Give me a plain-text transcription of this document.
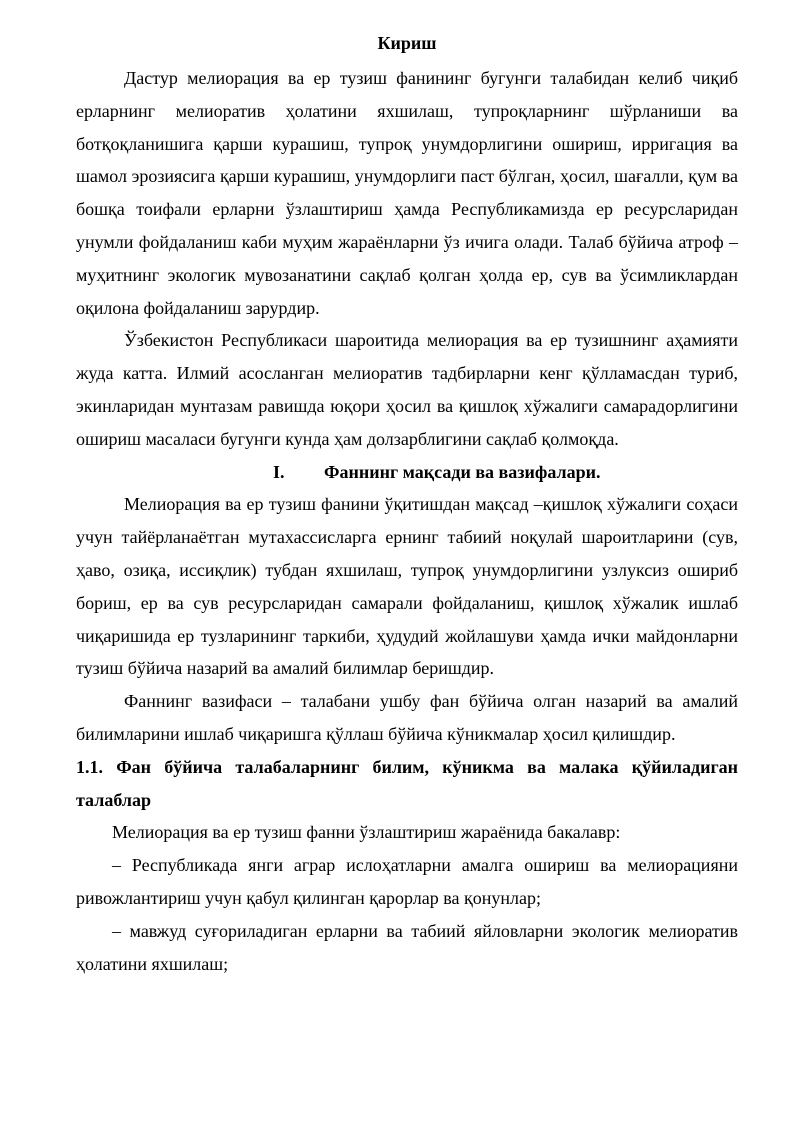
Кириш

Дастур мелиорация ва ер тузиш фанининг бугунги талабидан келиб чиқиб ерларнинг мелиоратив ҳолатини яхшилаш, тупроқларнинг шўрланиши ва ботқоқланишига қарши курашиш, тупроқ унумдорлигини ошириш, ирригация ва шамол эрозиясига қарши курашиш, унумдорлиги паст бўлган, ҳосил, шағалли, қум ва бошқа тоифали ерларни ўзлаштириш ҳамда Республикамизда ер ресурсларидан унумли фойдаланиш каби муҳим жараёнларни ўз ичига олади. Талаб бўйича атроф –муҳитнинг экологик мувозанатини сақлаб қолган ҳолда ер, сув ва ўсимликлардан оқилона фойдаланиш зарурдир.

Ўзбекистон Республикаси шароитида мелиорация ва ер тузишнинг аҳамияти жуда катта. Илмий асосланган мелиоратив тадбирларни кенг қўлламасдан туриб, экинларидан мунтазам равишда юқори ҳосил ва қишлоқ хўжалиги самарадорлигини ошириш масаласи бугунги кунда ҳам долзарблигини сақлаб қолмоқда.

I. Фаннинг мақсади ва вазифалари.

Мелиорация ва ер тузиш фанини ўқитишдан мақсад –қишлоқ хўжалиги соҳаси учун тайёрланаётган мутахассисларга ернинг табиий ноқулай шароитларини (сув, ҳаво, озиқа, иссиқлик) тубдан яхшилаш, тупроқ унумдорлигини узлуксиз ошириб бориш, ер ва сув ресурсларидан самарали фойдаланиш, қишлоқ хўжалик ишлаб чиқаришида ер тузларининг таркиби, ҳудудий жойлашуви ҳамда ички майдонларни тузиш бўйича назарий ва амалий билимлар беришдир.

Фаннинг вазифаси – талабани ушбу фан бўйича олган назарий ва амалий билимларини ишлаб чиқаришга қўллаш бўйича кўникмалар ҳосил қилишдир.

1.1. Фан бўйича талабаларнинг билим, кўникма ва малака қўйиладиган талаблар

Мелиорация ва ер тузиш фанни ўзлаштириш жараёнида бакалавр:

– Республикада янги аграр ислоҳатларни амалга ошириш ва мелиорацияни ривожлантириш учун қабул қилинган қарорлар ва қонунлар;

– мавжуд суғориладиган ерларни ва табиий яйловларни экологик мелиоратив ҳолатини яхшилаш;
